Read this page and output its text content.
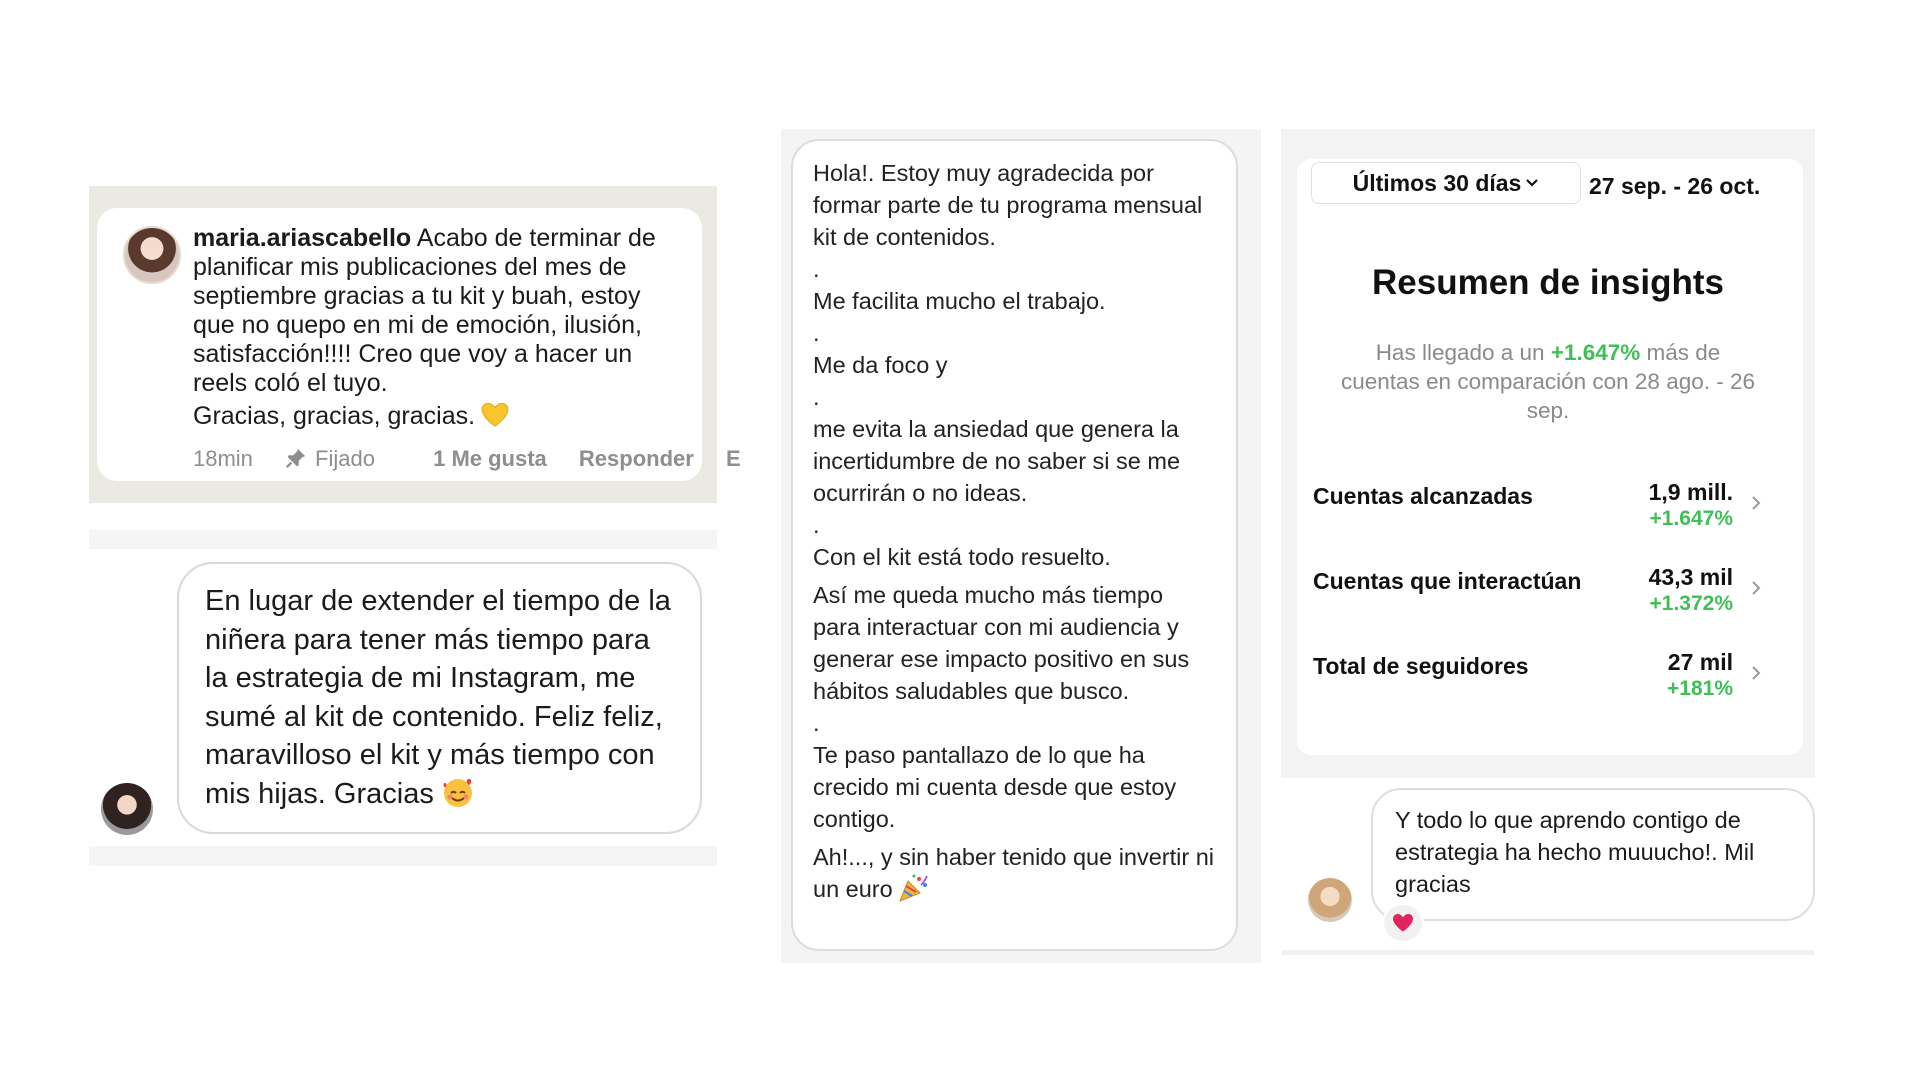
maria.ariascabello Acabo de terminar de planificar mis publicaciones del mes de septiembre gracias a tu kit y buah, estoy que no quepo en mi de emoción, ilusión, satisfacción!!!! Creo que voy a hacer un reels coló el tuyo.
Gracias, gracias, gracias.
18min	Fijado	1 Me gusta Responder E
En lugar de extender el tiempo de la niñera para tener más tiempo para la estrategia de mi Instagram, me sumé al kit de contenido. Feliz feliz, maravilloso el kit y más tiempo con mis hijas. Gracias

Hola!. Estoy muy agradecida por formar parte de tu programa mensual kit de contenidos.

.

Me facilita mucho el trabajo.

.

Me da foco y

.

me evita la ansiedad que genera la incertidumbre de no saber si se me ocurrirán o no ideas.

.

Con el kit está todo resuelto.

Así me queda mucho más tiempo para interactuar con mi audiencia y generar ese impacto positivo en sus hábitos saludables que busco.

.

Te paso pantallazo de lo que ha crecido mi cuenta desde que estoy contigo.

Ah!..., y sin haber tenido que invertir ni un euro

Últimos 30 días	27 sep. - 26 oct.
Resumen de insights
Has llegado a un +1.647% más de cuentas en comparación con 28 ago. - 26 sep.
Cuentas alcanzadas	1,9 mill.
+1.647%
Cuentas que interactúan	43,3 mil
+1.372%
Total de seguidores	27 mil
+181%
Y todo lo que aprendo contigo de estrategia ha hecho muuucho!. Mil gracias
